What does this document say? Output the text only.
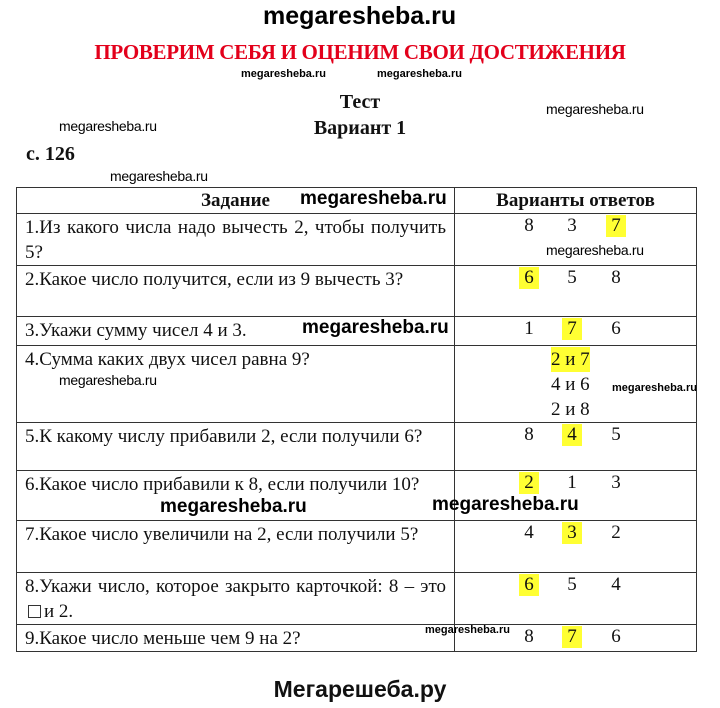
megaresheba.ru
ПРОВЕРИМ СЕБЯ И ОЦЕНИМ СВОИ ДОСТИЖЕНИЯ
megaresheba.ru	megaresheba.ru
Тест
Вариант 1
megaresheba.ru
megaresheba.ru
с. 126
Задание	Варианты ответов
1.Из какого числа надо вычесть 2, чтобы получить 5?	8 3 7

2.Какое число получится, если из 9 вычесть 3?	6 5 8

3.Укажи сумму чисел 4 и 3.	1 7 6

4.Сумма каких двух чисел равна 9?	2 и 7
4 и 6
2 и 8

5.К какому числу прибавили 2, если получили 6?	8 4 5

6.Какое число прибавили к 8, если получили 10?	2 1 3

7.Какое число увеличили на 2, если получили 5?	4 3 2

8.Укажи число, которое закрыто карточкой: 8 – этои 2.	6 5 4

9.Какое число меньше чем 9 на 2?	8 7 6
megaresheba.ru
megaresheba.ru
megaresheba.ru
megaresheba.ru
megaresheba.ru
megaresheba.ru
megaresheba.ru
megaresheba.ru
megaresheba.ru
Мегарешеба.ру
